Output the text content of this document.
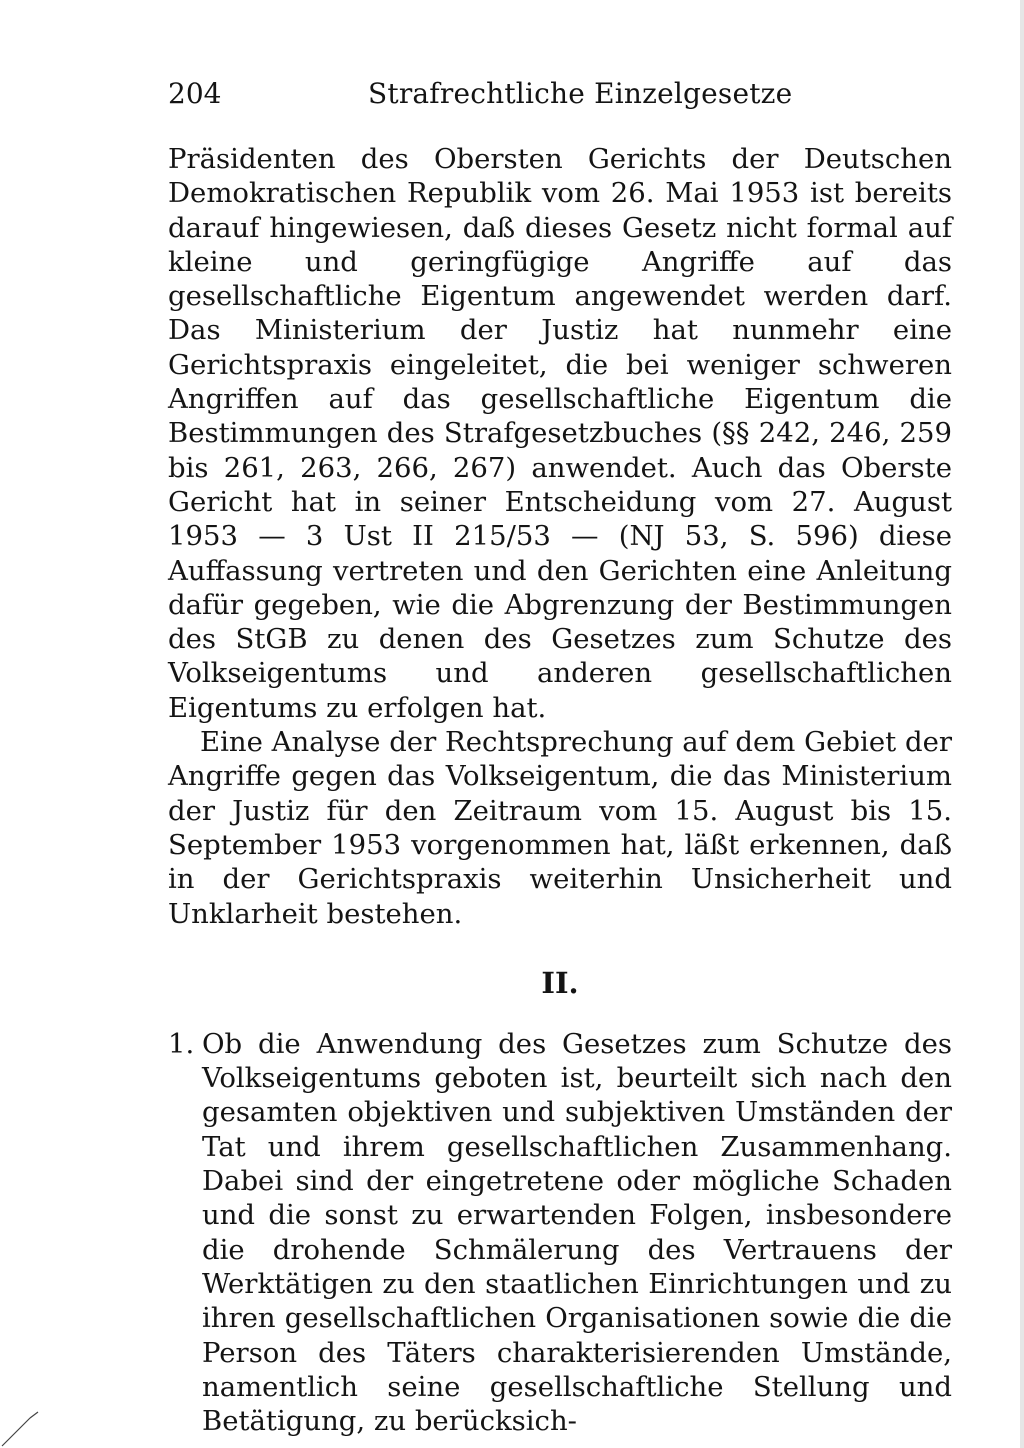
204	Strafrechtliche Einzelgesetze

Präsidenten des Obersten Gerichts der Deutschen Demokratischen Republik vom 26. Mai 1953 ist bereits darauf hingewiesen, daß dieses Gesetz nicht formal auf kleine und geringfügige Angriffe auf das gesellschaftliche Eigentum angewendet werden darf. Das Ministerium der Justiz hat nunmehr eine Gerichtspraxis eingeleitet, die bei weniger schweren Angriffen auf das gesellschaftliche Eigentum die Bestimmungen des Strafgesetzbuches (§§ 242, 246, 259 bis 261, 263, 266, 267) anwendet. Auch das Oberste Gericht hat in seiner Entscheidung vom 27. August 1953 — 3 Ust II 215/53 — (NJ 53, S. 596) diese Auffassung vertreten und den Gerichten eine Anleitung dafür gegeben, wie die Abgrenzung der Bestimmungen des StGB zu denen des Gesetzes zum Schutze des Volkseigentums und anderen gesellschaftlichen Eigentums zu erfolgen hat.

Eine Analyse der Rechtsprechung auf dem Gebiet der Angriffe gegen das Volkseigentum, die das Ministerium der Justiz für den Zeitraum vom 15. August bis 15. September 1953 vorgenommen hat, läßt erkennen, daß in der Gerichtspraxis weiterhin Unsicherheit und Unklarheit bestehen.

II.
1. Ob die Anwendung des Gesetzes zum Schutze des Volkseigentums geboten ist, beurteilt sich nach den gesamten objektiven und subjektiven Umständen der Tat und ihrem gesellschaftlichen Zusammenhang. Dabei sind der eingetretene oder mögliche Schaden und die sonst zu erwartenden Folgen, insbesondere die drohende Schmälerung des Vertrauens der Werktätigen zu den staatlichen Einrichtungen und zu ihren gesellschaftlichen Organisationen sowie die die Person des Täters charakterisierenden Umstände, namentlich seine gesellschaftliche Stellung und Betätigung, zu berücksich-
